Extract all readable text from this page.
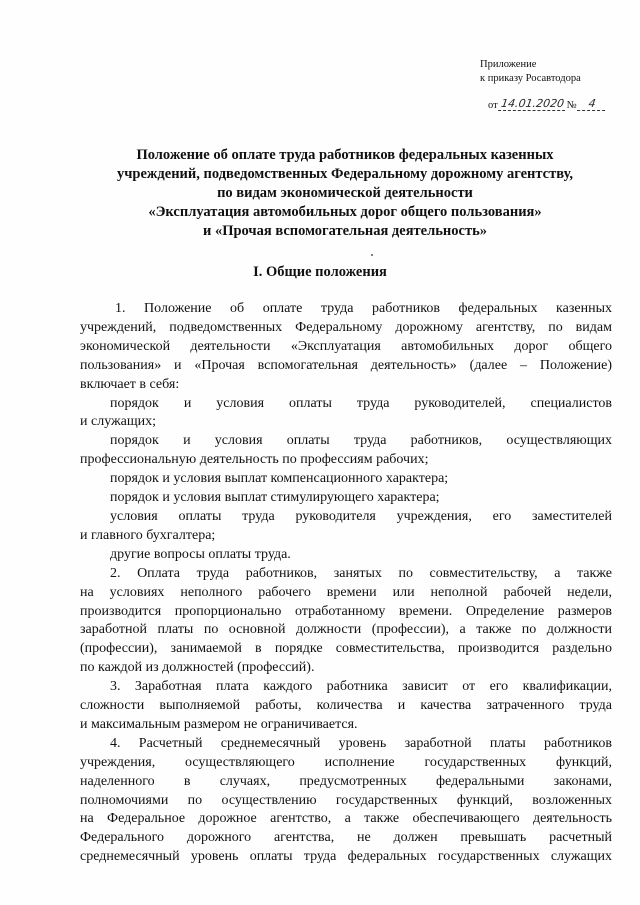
Приложение
к приказу Росавтодора
от 14.01.2020 № 4
Положение об оплате труда работников федеральных казенных
учреждений, подведомственных Федеральному дорожному агентству,
по видам экономической деятельности
«Эксплуатация автомобильных дорог общего пользования»
и «Прочая вспомогательная деятельность»
I. Общие положения
1. Положение об оплате труда работников федеральных казенных
учреждений, подведомственных Федеральному дорожному агентству, по видам
экономической деятельности «Эксплуатация автомобильных дорог общего
пользования» и «Прочая вспомогательная деятельность» (далее – Положение)
включает в себя:
порядок и условия оплаты труда руководителей, специалистов
и служащих;
порядок и условия оплаты труда работников, осуществляющих
профессиональную деятельность по профессиям рабочих;
порядок и условия выплат компенсационного характера;
порядок и условия выплат стимулирующего характера;
условия оплаты труда руководителя учреждения, его заместителей
и главного бухгалтера;
другие вопросы оплаты труда.
2. Оплата труда работников, занятых по совместительству, а также
на условиях неполного рабочего времени или неполной рабочей недели,
производится пропорционально отработанному времени. Определение размеров
заработной платы по основной должности (профессии), а также по должности
(профессии), занимаемой в порядке совместительства, производится раздельно
по каждой из должностей (профессий).
3. Заработная плата каждого работника зависит от его квалификации,
сложности выполняемой работы, количества и качества затраченного труда
и максимальным размером не ограничивается.
4. Расчетный среднемесячный уровень заработной платы работников
учреждения, осуществляющего исполнение государственных функций,
наделенного в случаях, предусмотренных федеральными законами,
полномочиями по осуществлению государственных функций, возложенных
на Федеральное дорожное агентство, а также обеспечивающего деятельность
Федерального дорожного агентства, не должен превышать расчетный
среднемесячный уровень оплаты труда федеральных государственных служащих
